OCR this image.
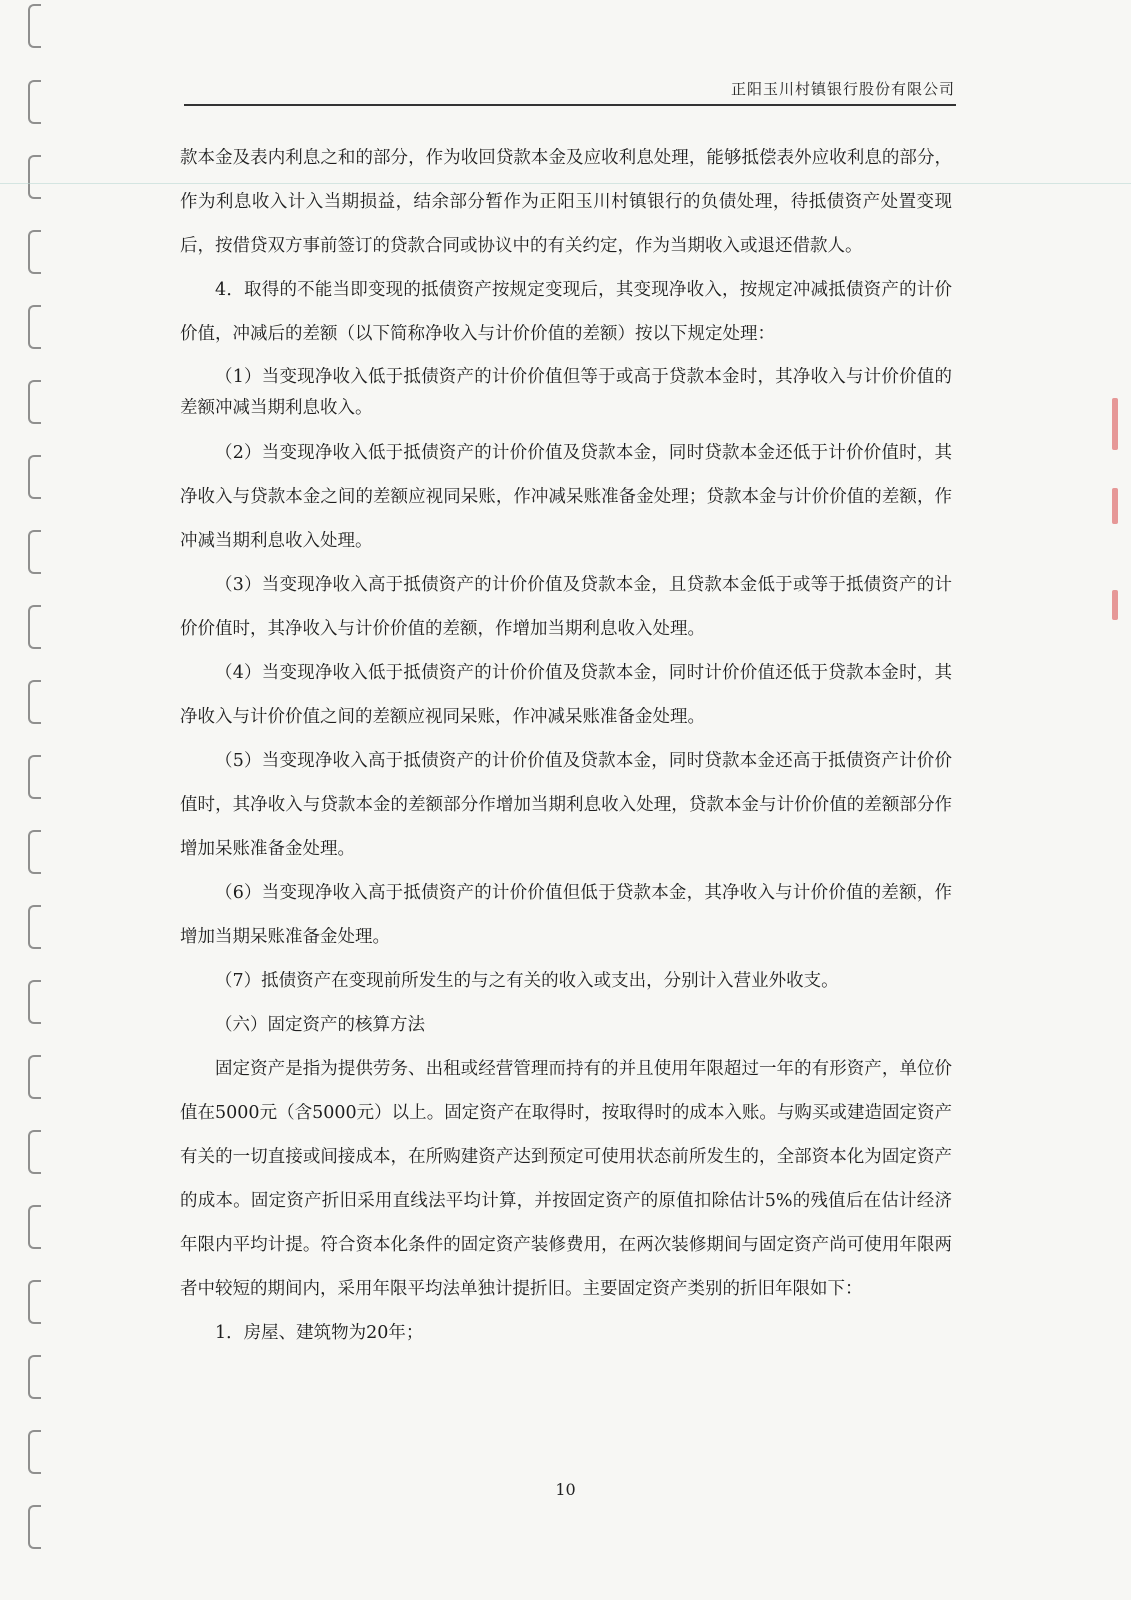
正阳玉川村镇银行股份有限公司

款本金及表内利息之和的部分，作为收回贷款本金及应收利息处理，能够抵偿表外应收利息的部分，作为利息收入计入当期损益，结余部分暂作为正阳玉川村镇银行的负债处理，待抵债资产处置变现后，按借贷双方事前签订的贷款合同或协议中的有关约定，作为当期收入或退还借款人。

4．取得的不能当即变现的抵债资产按规定变现后，其变现净收入，按规定冲减抵债资产的计价价值，冲减后的差额（以下简称净收入与计价价值的差额）按以下规定处理：

（1）当变现净收入低于抵债资产的计价价值但等于或高于贷款本金时，其净收入与计价价值的差额冲减当期利息收入。

（2）当变现净收入低于抵债资产的计价价值及贷款本金，同时贷款本金还低于计价价值时，其净收入与贷款本金之间的差额应视同呆账，作冲减呆账准备金处理；贷款本金与计价价值的差额，作冲减当期利息收入处理。

（3）当变现净收入高于抵债资产的计价价值及贷款本金，且贷款本金低于或等于抵债资产的计价价值时，其净收入与计价价值的差额，作增加当期利息收入处理。

（4）当变现净收入低于抵债资产的计价价值及贷款本金，同时计价价值还低于贷款本金时，其净收入与计价价值之间的差额应视同呆账，作冲减呆账准备金处理。

（5）当变现净收入高于抵债资产的计价价值及贷款本金，同时贷款本金还高于抵债资产计价价值时，其净收入与贷款本金的差额部分作增加当期利息收入处理，贷款本金与计价价值的差额部分作增加呆账准备金处理。

（6）当变现净收入高于抵债资产的计价价值但低于贷款本金，其净收入与计价价值的差额，作增加当期呆账准备金处理。

（7）抵债资产在变现前所发生的与之有关的收入或支出，分别计入营业外收支。

（六）固定资产的核算方法

固定资产是指为提供劳务、出租或经营管理而持有的并且使用年限超过一年的有形资产，单位价值在5000元（含5000元）以上。固定资产在取得时，按取得时的成本入账。与购买或建造固定资产有关的一切直接或间接成本，在所购建资产达到预定可使用状态前所发生的，全部资本化为固定资产的成本。固定资产折旧采用直线法平均计算，并按固定资产的原值扣除估计5%的残值后在估计经济年限内平均计提。符合资本化条件的固定资产装修费用，在两次装修期间与固定资产尚可使用年限两者中较短的期间内，采用年限平均法单独计提折旧。主要固定资产类别的折旧年限如下：

1．房屋、建筑物为20年；

10
